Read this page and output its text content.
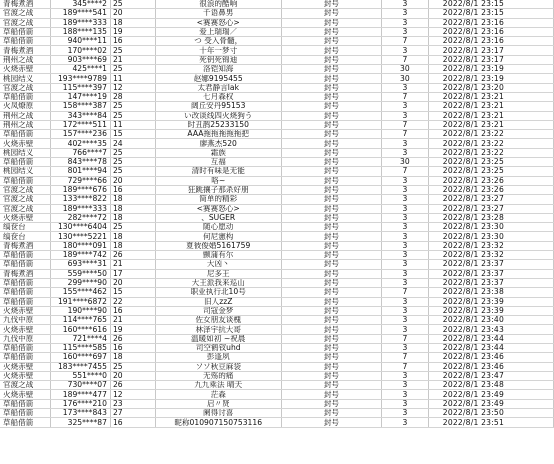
青梅煮酒	345****2	25	很浪的酷响	封号	3	2022/8/1 23:15
官渡之战	189****541	20	千语鼻男	封号	3	2022/8/1 23:15
官渡之战	189****333	18	<赛赛怒心>	封号	3	2022/8/1 23:16
草船借箭	188****135	19	爱上瑞瑞／	封号	3	2022/8/1 23:16
草船借箭	940****11	16	つ 受入骨髓，	封号	7	2022/8/1 23:16
青梅煮酒	170****02	25	十年一梦寸	封号	3	2022/8/1 23:17
荆州之战	903****69	21	死钥死锦迪	封号	7	2022/8/1 23:17
火烧赤壁	425****1	25	洛铠知海	封号	30	2022/8/1 23:19
桃园结义	193****9789	11	赵娜9195455	封号	30	2022/8/1 23:19
官渡之战	115****397	12	太君静言lak	封号	3	2022/8/1 23:20
草船借箭	147****19	28	七月森权	封号	7	2022/8/1 23:21
火凤燎原	158****387	25	阔丘安丹95153	封号	3	2022/8/1 23:21
荆州之战	343****84	25	い改谈线四火烧狗う	封号	3	2022/8/1 23:21
荆州之战	172****511	11	时丑鹊25233150	封号	7	2022/8/1 23:21
草船借箭	157****236	15	AAA拖拖拖拖拖把	封号	7	2022/8/1 23:22
火烧赤壁	402****35	24	廖燕杰520	封号	3	2022/8/1 23:22
桃园结义	766****7	25	霜族	封号	3	2022/8/1 23:22
草船借箭	843****78	25	互福	封号	30	2022/8/1 23:25
桃园结义	801****94	25	清时有味是无能	封号	7	2022/8/1 23:25
草船借箭	729****66	20	咯~	封号	3	2022/8/1 23:26
官渡之战	189****676	16	狂跳攘子那杀好朋	封号	3	2022/8/1 23:26
官渡之战	133****822	18	简单的精彩	封号	3	2022/8/1 23:27
官渡之战	189****333	18	<赛赛怒心>	封号	3	2022/8/1 23:27
火烧赤壁	282****72	18	、SUGER	封号	3	2022/8/1 23:28
缟奁台	130****6404	25	随心愿动	封号	3	2022/8/1 23:30
缟奁台	130****5221	18	何尼憲构	封号	3	2022/8/1 23:30
青梅煮酒	180****091	18	夏彼俊婚5161759	封号	3	2022/8/1 23:32
草船借箭	189****742	26	颤蒲有尔	封号	3	2022/8/1 23:32
草船借箭	693****31	21	大凶丶	封号	3	2022/8/1 23:37
青梅煮酒	559****50	17	尼多王	封号	3	2022/8/1 23:37
草船借箭	299****90	20	大王派我来巡山	封号	3	2022/8/1 23:37
草船借箭	155****462	15	职业执行北10号	封号	7	2022/8/1 23:38
草船借箭	191****6872	22	旧人zzZ	封号	3	2022/8/1 23:39
火烧赤壁	190****90	16	司寇金梦	封号	3	2022/8/1 23:39
九伐中原	114****765	21	佐女朋友谈槐	封号	3	2022/8/1 23:40
火烧赤壁	160****616	19	林泽宇抗大哥	封号	3	2022/8/1 23:43
九伐中原	721****4	26	温暖如初 ~祝晨	封号	7	2022/8/1 23:44
草船借箭	115****585	16	司空鹤钗uhd	封号	3	2022/8/1 23:44
草船借箭	160****697	18	彭逢夙	封号	7	2022/8/1 23:46
火烧赤壁	183****7455	25	ソソ秋豆麻袋	封号	7	2022/8/1 23:46
火烧赤壁	551****0	20	无殇的痛	封号	3	2022/8/1 23:47
官渡之战	730****07	26	九九乘法 晴天	封号	3	2022/8/1 23:48
火烧赤壁	189****477	12	茫森	封号	3	2022/8/1 23:49
草船借箭	176****210	23	启〃贤	封号	3	2022/8/1 23:49
草船借箭	173****843	27	阑得讨喜	封号	3	2022/8/1 23:50
草船借箭	325****87	16	昵称010907150753116	封号	3	2022/8/1 23:51
